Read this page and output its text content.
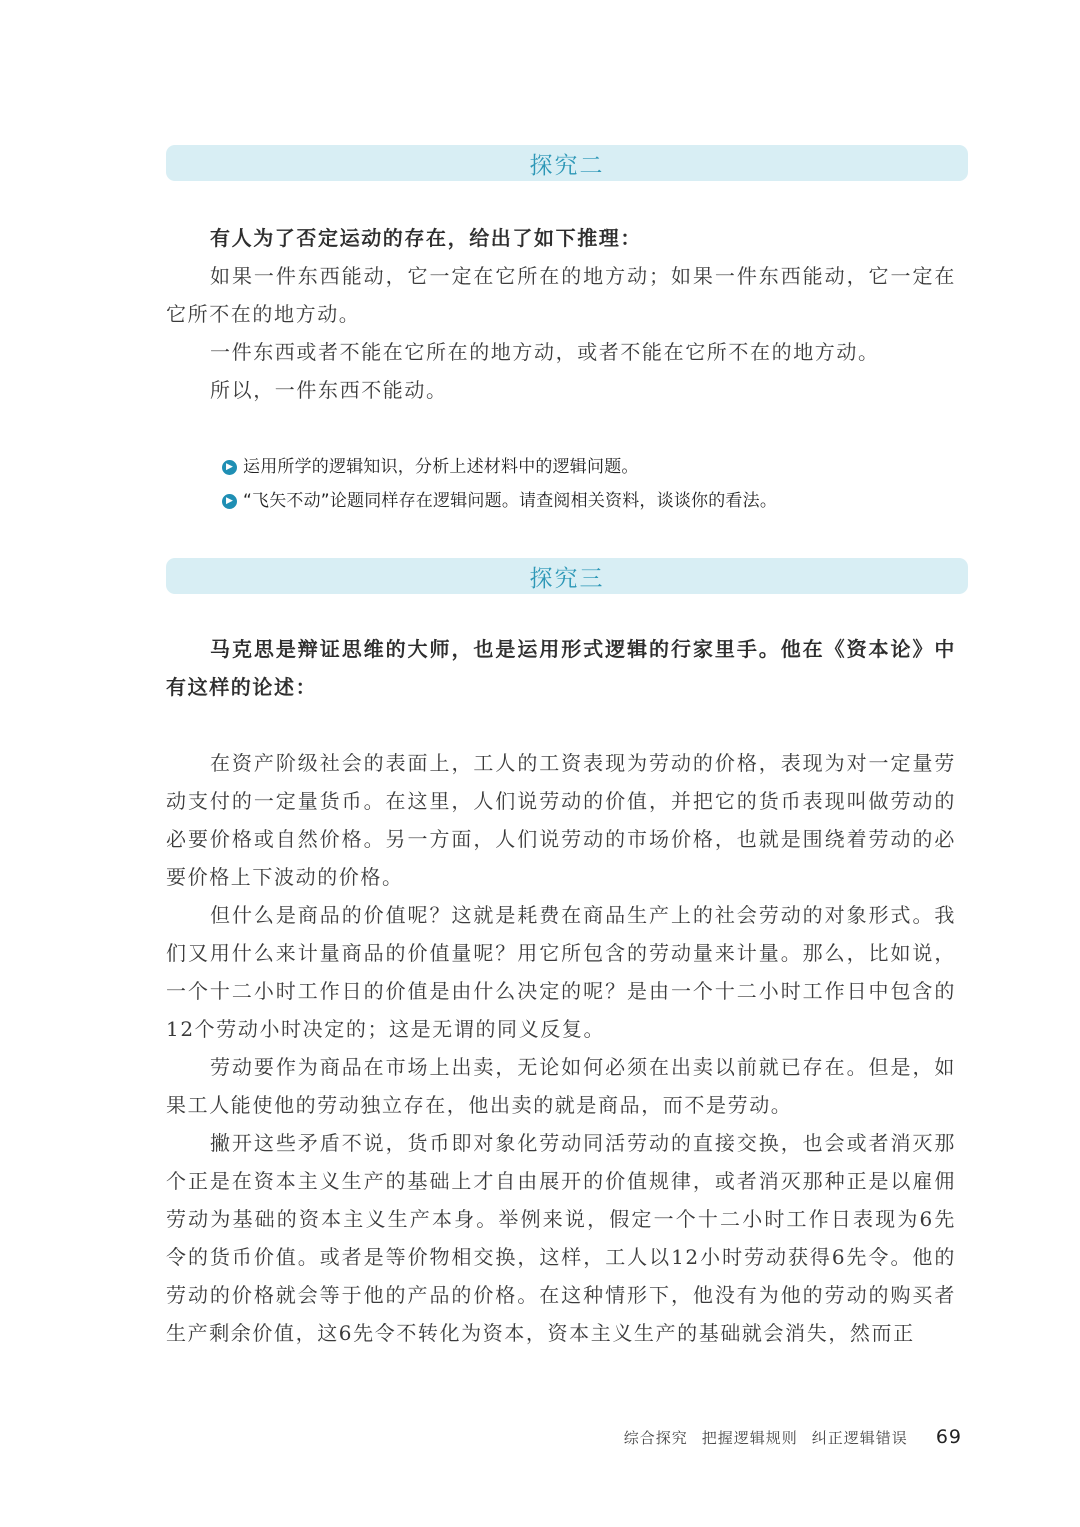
探究二

有人为了否定运动的存在，给出了如下推理：

如果一件东西能动，它一定在它所在的地方动；如果一件东西能动，它一定在它所不在的地方动。

一件东西或者不能在它所在的地方动，或者不能在它所不在的地方动。

所以，一件东西不能动。

▶ 运用所学的逻辑知识，分析上述材料中的逻辑问题。
▶ “飞矢不动”论题同样存在逻辑问题。请查阅相关资料，谈谈你的看法。
探究三

马克思是辩证思维的大师，也是运用形式逻辑的行家里手。他在《资本论》中有这样的论述：

在资产阶级社会的表面上，工人的工资表现为劳动的价格，表现为对一定量劳动支付的一定量货币。在这里，人们说劳动的价值，并把它的货币表现叫做劳动的必要价格或自然价格。另一方面，人们说劳动的市场价格，也就是围绕着劳动的必要价格上下波动的价格。

但什么是商品的价值呢？这就是耗费在商品生产上的社会劳动的对象形式。我们又用什么来计量商品的价值量呢？用它所包含的劳动量来计量。那么，比如说，一个十二小时工作日的价值是由什么决定的呢？是由一个十二小时工作日中包含的12个劳动小时决定的；这是无谓的同义反复。

劳动要作为商品在市场上出卖，无论如何必须在出卖以前就已存在。但是，如果工人能使他的劳动独立存在，他出卖的就是商品，而不是劳动。

撇开这些矛盾不说，货币即对象化劳动同活劳动的直接交换，也会或者消灭那个正是在资本主义生产的基础上才自由展开的价值规律，或者消灭那种正是以雇佣劳动为基础的资本主义生产本身。举例来说，假定一个十二小时工作日表现为6先令的货币价值。或者是等价物相交换，这样，工人以12小时劳动获得6先令。他的劳动的价格就会等于他的产品的价格。在这种情形下，他没有为他的劳动的购买者生产剩余价值，这6先令不转化为资本，资本主义生产的基础就会消失，然而正

综合探究 把握逻辑规则 纠正逻辑错误 69
